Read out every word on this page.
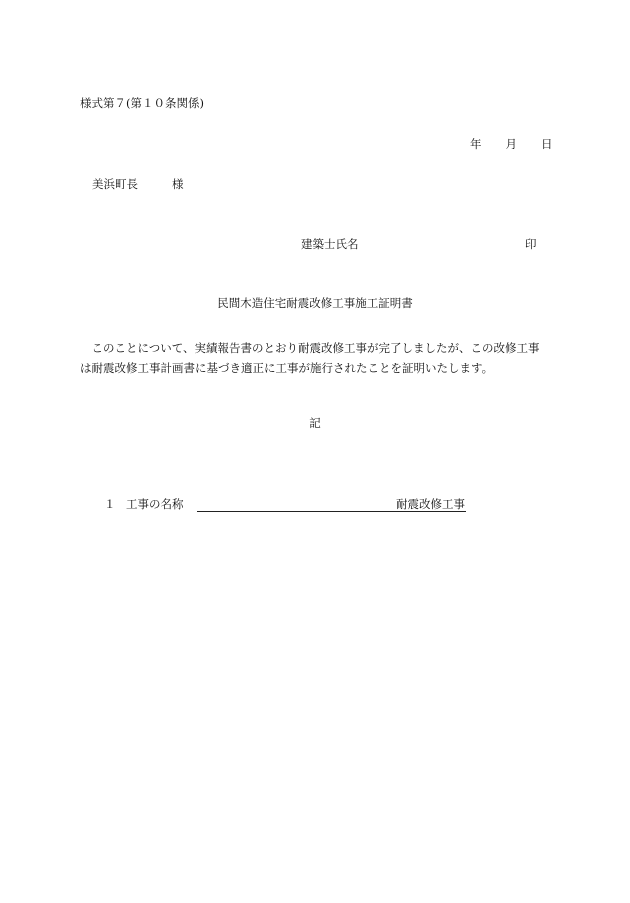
様式第７(第１０条関係)
年 月 日
美浜町長	様
建築士氏名	印
民間木造住宅耐震改修工事施工証明書

このことについて、実績報告書のとおり耐震改修工事が完了しましたが、この改修工事

は耐震改修工事計画書に基づき適正に工事が施行されたことを証明いたします。

記
１ 工事の名称	耐震改修工事
